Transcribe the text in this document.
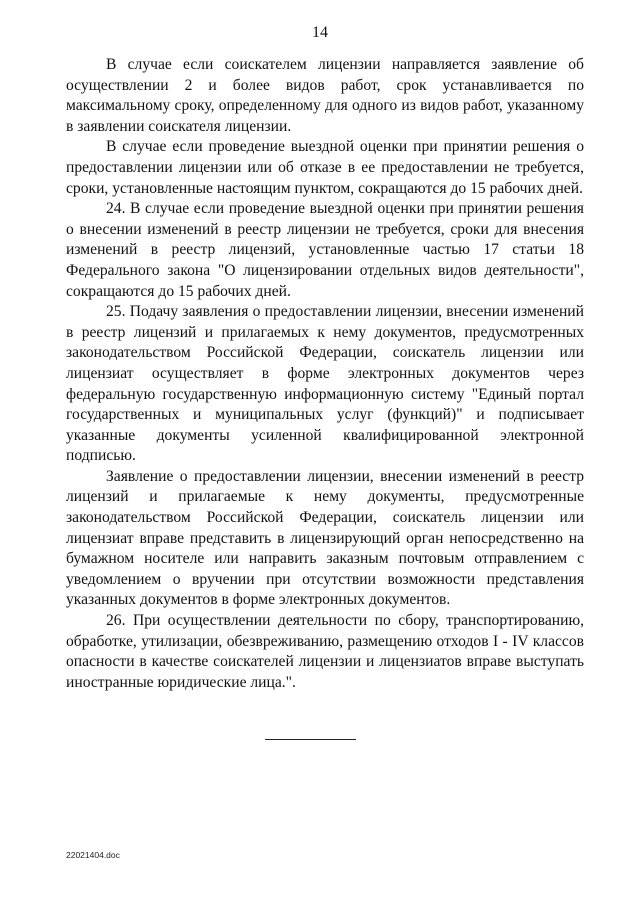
14

В случае если соискателем лицензии направляется заявление об осуществлении 2 и более видов работ, срок устанавливается по максимальному сроку, определенному для одного из видов работ, указанному в заявлении соискателя лицензии.

В случае если проведение выездной оценки при принятии решения о предоставлении лицензии или об отказе в ее предоставлении не требуется, сроки, установленные настоящим пунктом, сокращаются до 15 рабочих дней.

24. В случае если проведение выездной оценки при принятии решения о внесении изменений в реестр лицензии не требуется, сроки для внесения изменений в реестр лицензий, установленные частью 17 статьи 18 Федерального закона "О лицензировании отдельных видов деятельности", сокращаются до 15 рабочих дней.

25. Подачу заявления о предоставлении лицензии, внесении изменений в реестр лицензий и прилагаемых к нему документов, предусмотренных законодательством Российской Федерации, соискатель лицензии или лицензиат осуществляет в форме электронных документов через федеральную государственную информационную систему "Единый портал государственных и муниципальных услуг (функций)" и подписывает указанные документы усиленной квалифицированной электронной подписью.

Заявление о предоставлении лицензии, внесении изменений в реестр лицензий и прилагаемые к нему документы, предусмотренные законодательством Российской Федерации, соискатель лицензии или лицензиат вправе представить в лицензирующий орган непосредственно на бумажном носителе или направить заказным почтовым отправлением с уведомлением о вручении при отсутствии возможности представления указанных документов в форме электронных документов.

26. При осуществлении деятельности по сбору, транспортированию, обработке, утилизации, обезвреживанию, размещению отходов I - IV классов опасности в качестве соискателей лицензии и лицензиатов вправе выступать иностранные юридические лица.".

22021404.doc
